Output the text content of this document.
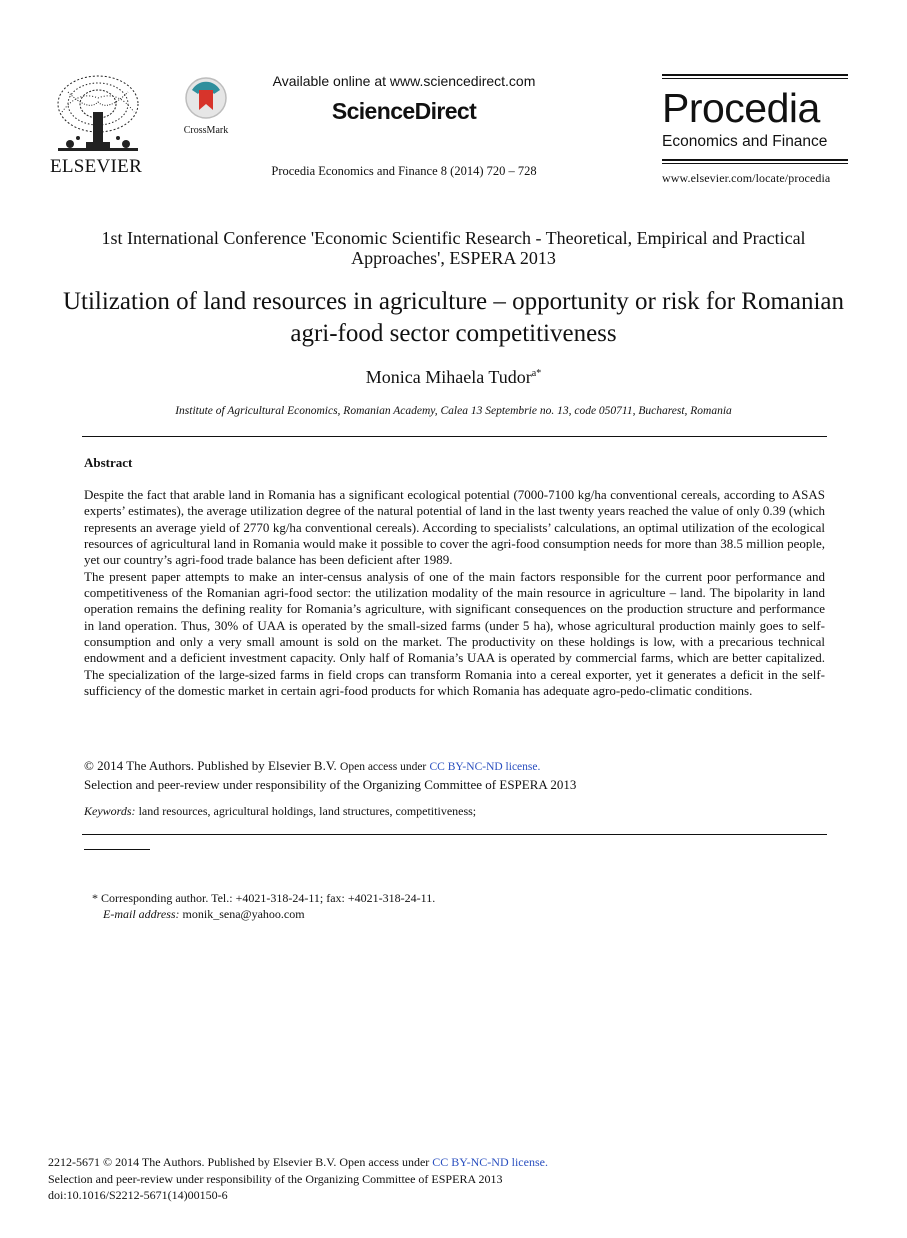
ELSEVIER
CrossMark
Available online at www.sciencedirect.com
ScienceDirect
Procedia Economics and Finance 8 (2014) 720 – 728
Procedia
Economics and Finance
www.elsevier.com/locate/procedia
1st International Conference 'Economic Scientific Research - Theoretical, Empirical and Practical Approaches', ESPERA 2013
Utilization of land resources in agriculture – opportunity or risk for Romanian agri-food sector competitiveness
Monica Mihaela Tudor$^{a*}$
Institute of Agricultural Economics, Romanian Academy, Calea 13 Septembrie no. 13, code 050711, Bucharest, Romania
Abstract

Despite the fact that arable land in Romania has a significant ecological potential (7000-7100 kg/ha conventional cereals, according to ASAS experts’ estimates), the average utilization degree of the natural potential of land in the last twenty years reached the value of only 0.39 (which represents an average yield of 2770 kg/ha conventional cereals). According to specialists’ calculations, an optimal utilization of the ecological resources of agricultural land in Romania would make it possible to cover the agri-food consumption needs for more than 38.5 million people, yet our country’s agri-food trade balance has been deficient after 1989.

The present paper attempts to make an inter-census analysis of one of the main factors responsible for the current poor performance and competitiveness of the Romanian agri-food sector: the utilization modality of the main resource in agriculture – land. The bipolarity in land operation remains the defining reality for Romania’s agriculture, with significant consequences on the production structure and performance in land operation. Thus, 30% of UAA is operated by the small-sized farms (under 5 ha), whose agricultural production mainly goes to self-consumption and only a very small amount is sold on the market. The productivity on these holdings is low, with a precarious technical endowment and a deficient investment capacity. Only half of Romania’s UAA is operated by commercial farms, which are better capitalized. The specialization of the large-sized farms in field crops can transform Romania into a cereal exporter, yet it generates a deficit in the self-sufficiency of the domestic market in certain agri-food products for which Romania has adequate agro-pedo-climatic conditions.

© 2014 The Authors. Published by Elsevier B.V. Open access under CC BY-NC-ND license.
Selection and peer-review under responsibility of the Organizing Committee of ESPERA 2013
Keywords: land resources, agricultural holdings, land structures, competitiveness;
* Corresponding author. Tel.: +4021-318-24-11; fax: +4021-318-24-11.
E-mail address: monik_sena@yahoo.com
2212-5671 © 2014 The Authors. Published by Elsevier B.V. Open access under CC BY-NC-ND license.
Selection and peer-review under responsibility of the Organizing Committee of ESPERA 2013
doi:10.1016/S2212-5671(14)00150-6
